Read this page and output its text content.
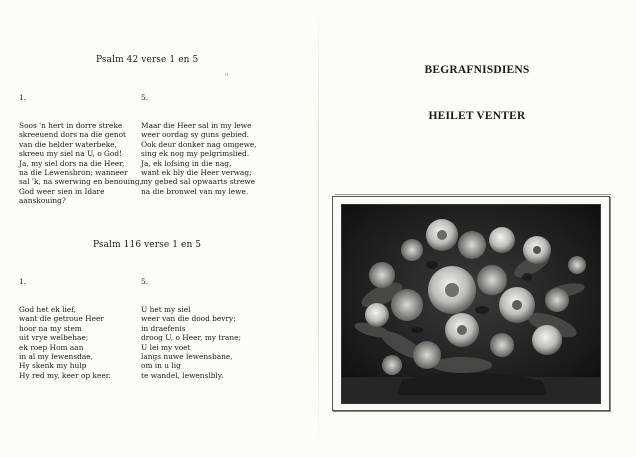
Psalm 42 verse 1 en 5

1.

Soos 'n hert in dorre streke
skreeuend dors na die genot
van die helder waterbeke,
skreeu my siel na U, o God!
Ja, my siel dors na die Heer,
na die Lewensbron; wanneer
sal 'k, na swerwing en benouing,
God weer sien in Idare
aanskouing?

5.

Maar die Heer sal in my lewe
weer oordag sy guns gebied.
Ook deur donker nag omgewe,
sing ek nog my pelgrimslied.
Ja, ek lofsing in die nag,
want ek bly die Heer verwag;
my gebed sal opwaarts strewe
na die bronwel van my lewe.
"
Psalm 116 verse 1 en 5

1.

God het ek lief,
want die getroue Heer
hoor na my stem
uit vrye welbehae;
ek roep Hom aan
in al my lewensdae,
Hy skenk my hulp
Hy red my, keer op keer.

5.

U het my siel
weer van die dood bevry;
in draefenis
droog U, o Heer, my trane;
U lei my voet
langs nuwe lewensbane,
om in u lig
te wandel, lewenslbly.
BEGRAFNISDIENS
HEILET VENTER
